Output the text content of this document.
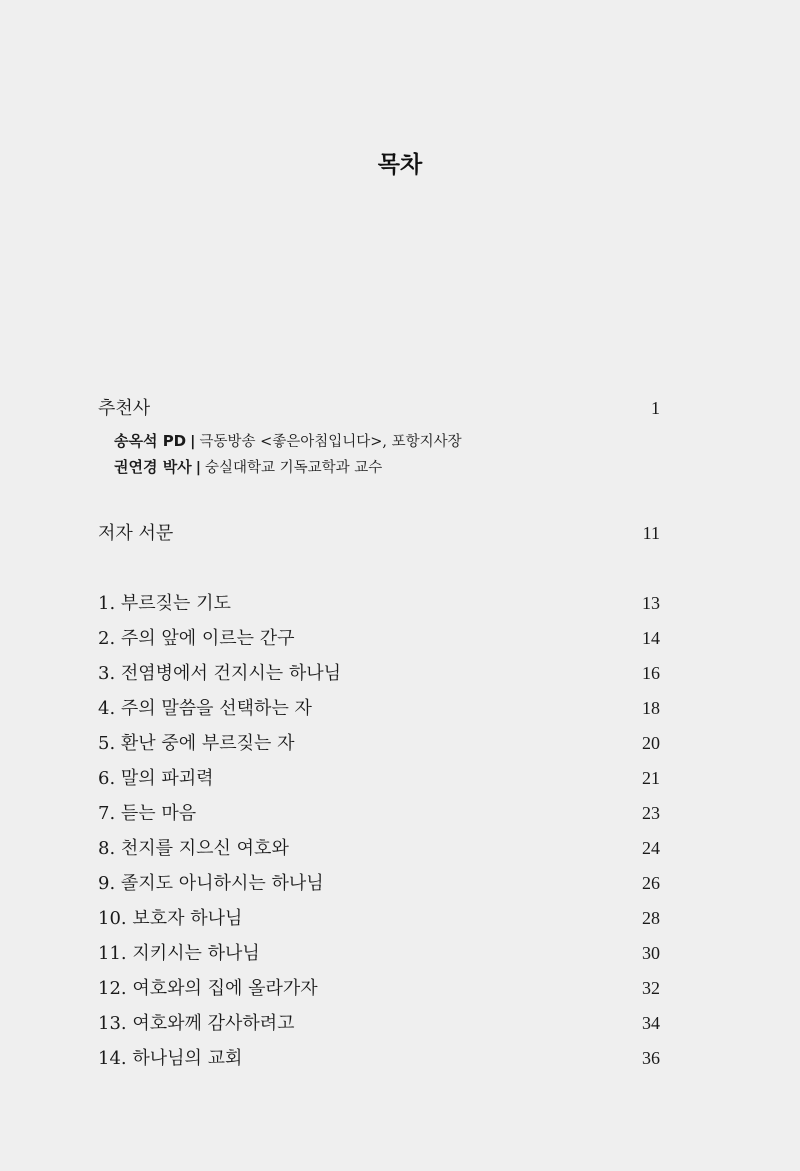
목차
추천사	1
송옥석 PD | 극동방송 <좋은아침입니다>, 포항지사장
권연경 박사 | 숭실대학교 기독교학과 교수
저자 서문	11
1. 부르짖는 기도	13
2. 주의 앞에 이르는 간구	14
3. 전염병에서 건지시는 하나님	16
4. 주의 말씀을 선택하는 자	18
5. 환난 중에 부르짖는 자	20
6. 말의 파괴력	21
7. 듣는 마음	23
8. 천지를 지으신 여호와	24
9. 졸지도 아니하시는 하나님	26
10. 보호자 하나님	28
11. 지키시는 하나님	30
12. 여호와의 집에 올라가자	32
13. 여호와께 감사하려고	34
14. 하나님의 교회	36
